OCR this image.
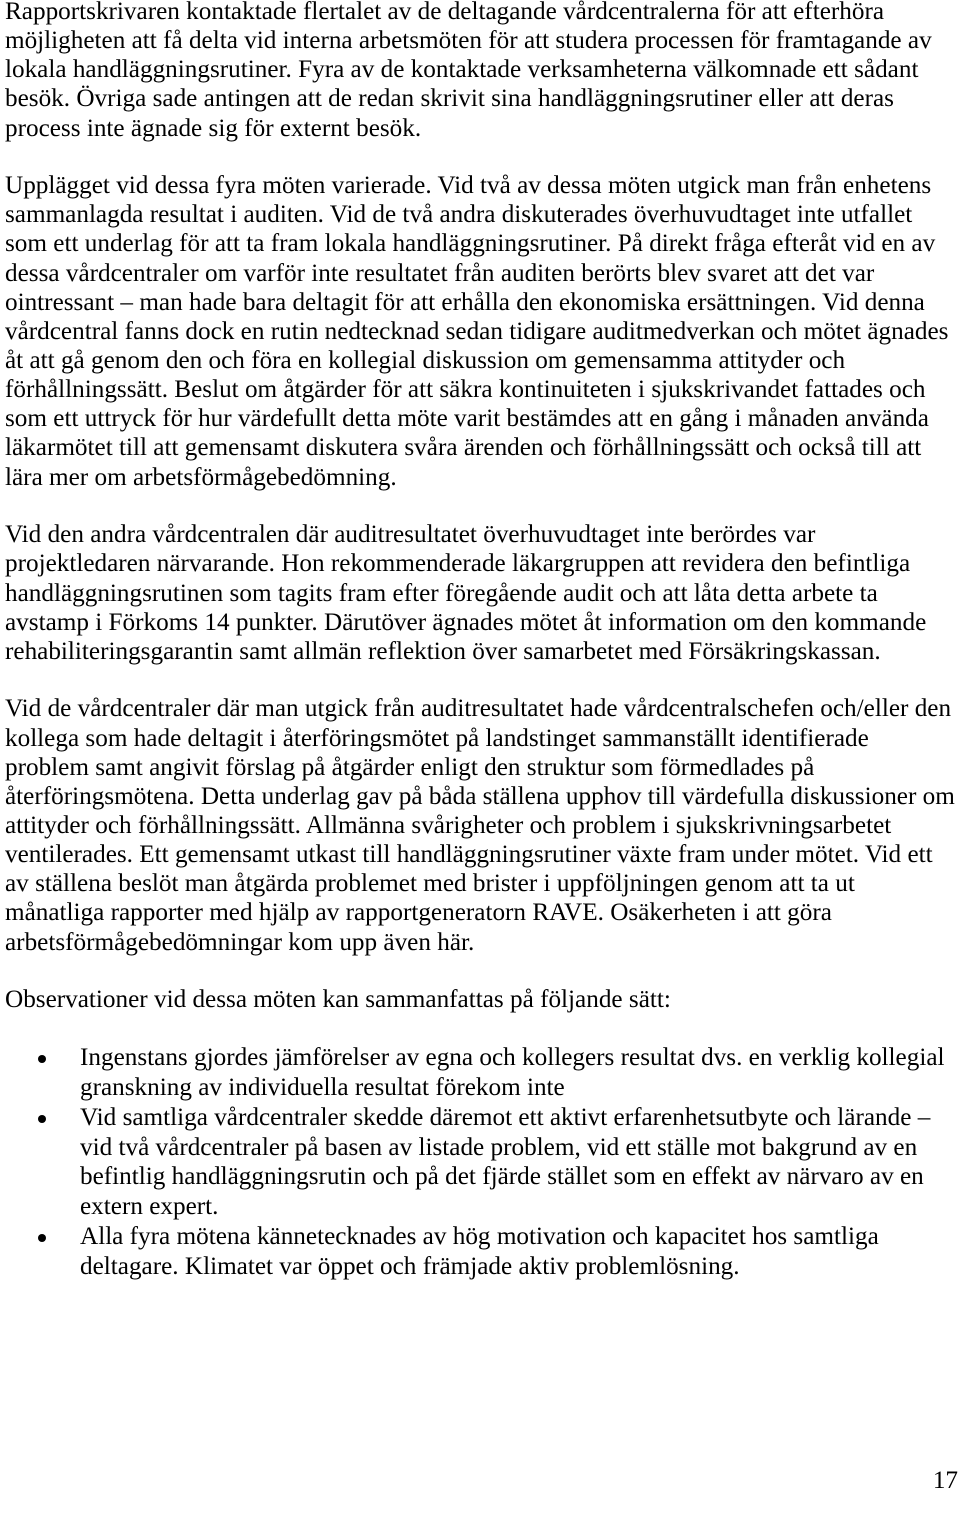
Rapportskrivaren kontaktade flertalet av de deltagande vårdcentralerna för att efterhöra
möjligheten att få delta vid interna arbetsmöten för att studera processen för framtagande av
lokala handläggningsrutiner. Fyra av de kontaktade verksamheterna välkomnade ett sådant
besök. Övriga sade antingen att de redan skrivit sina handläggningsrutiner eller att deras
process inte ägnade sig för externt besök.
Upplägget vid dessa fyra möten varierade. Vid två av dessa möten utgick man från enhetens
sammanlagda resultat i auditen. Vid de två andra diskuterades överhuvudtaget inte utfallet
som ett underlag för att ta fram lokala handläggningsrutiner. På direkt fråga efteråt vid en av
dessa vårdcentraler om varför inte resultatet från auditen berörts blev svaret att det var
ointressant – man hade bara deltagit för att erhålla den ekonomiska ersättningen. Vid denna
vårdcentral fanns dock en rutin nedtecknad sedan tidigare auditmedverkan och mötet ägnades
åt att gå genom den och föra en kollegial diskussion om gemensamma attityder och
förhållningssätt. Beslut om åtgärder för att säkra kontinuiteten i sjukskrivandet fattades och
som ett uttryck för hur värdefullt detta möte varit bestämdes att en gång i månaden använda
läkarmötet till att gemensamt diskutera svåra ärenden och förhållningssätt och också till att
lära mer om arbetsförmågebedömning.
Vid den andra vårdcentralen där auditresultatet överhuvudtaget inte berördes var
projektledaren närvarande. Hon rekommenderade läkargruppen att revidera den befintliga
handläggningsrutinen som tagits fram efter föregående audit och att låta detta arbete ta
avstamp i Förkoms 14 punkter. Därutöver ägnades mötet åt information om den kommande
rehabiliteringsgarantin samt allmän reflektion över samarbetet med Försäkringskassan.
Vid de vårdcentraler där man utgick från auditresultatet hade vårdcentralschefen och/eller den
kollega som hade deltagit i återföringsmötet på landstinget sammanställt identifierade
problem samt angivit förslag på åtgärder enligt den struktur som förmedlades på
återföringsmötena. Detta underlag gav på båda ställena upphov till värdefulla diskussioner om
attityder och förhållningssätt. Allmänna svårigheter och problem i sjukskrivningsarbetet
ventilerades. Ett gemensamt utkast till handläggningsrutiner växte fram under mötet. Vid ett
av ställena beslöt man åtgärda problemet med brister i uppföljningen genom att ta ut
månatliga rapporter med hjälp av rapportgeneratorn RAVE. Osäkerheten i att göra
arbetsförmågebedömningar kom upp även här.
Observationer vid dessa möten kan sammanfattas på följande sätt:
Ingenstans gjordes jämförelser av egna och kollegers resultat dvs. en verklig kollegial
granskning av individuella resultat förekom inte
Vid samtliga vårdcentraler skedde däremot ett aktivt erfarenhetsutbyte och lärande –
vid två vårdcentraler på basen av listade problem, vid ett ställe mot bakgrund av en
befintlig handläggningsrutin och på det fjärde stället som en effekt av närvaro av en
extern expert.
Alla fyra mötena kännetecknades av hög motivation och kapacitet hos samtliga
deltagare. Klimatet var öppet och främjade aktiv problemlösning.
17
